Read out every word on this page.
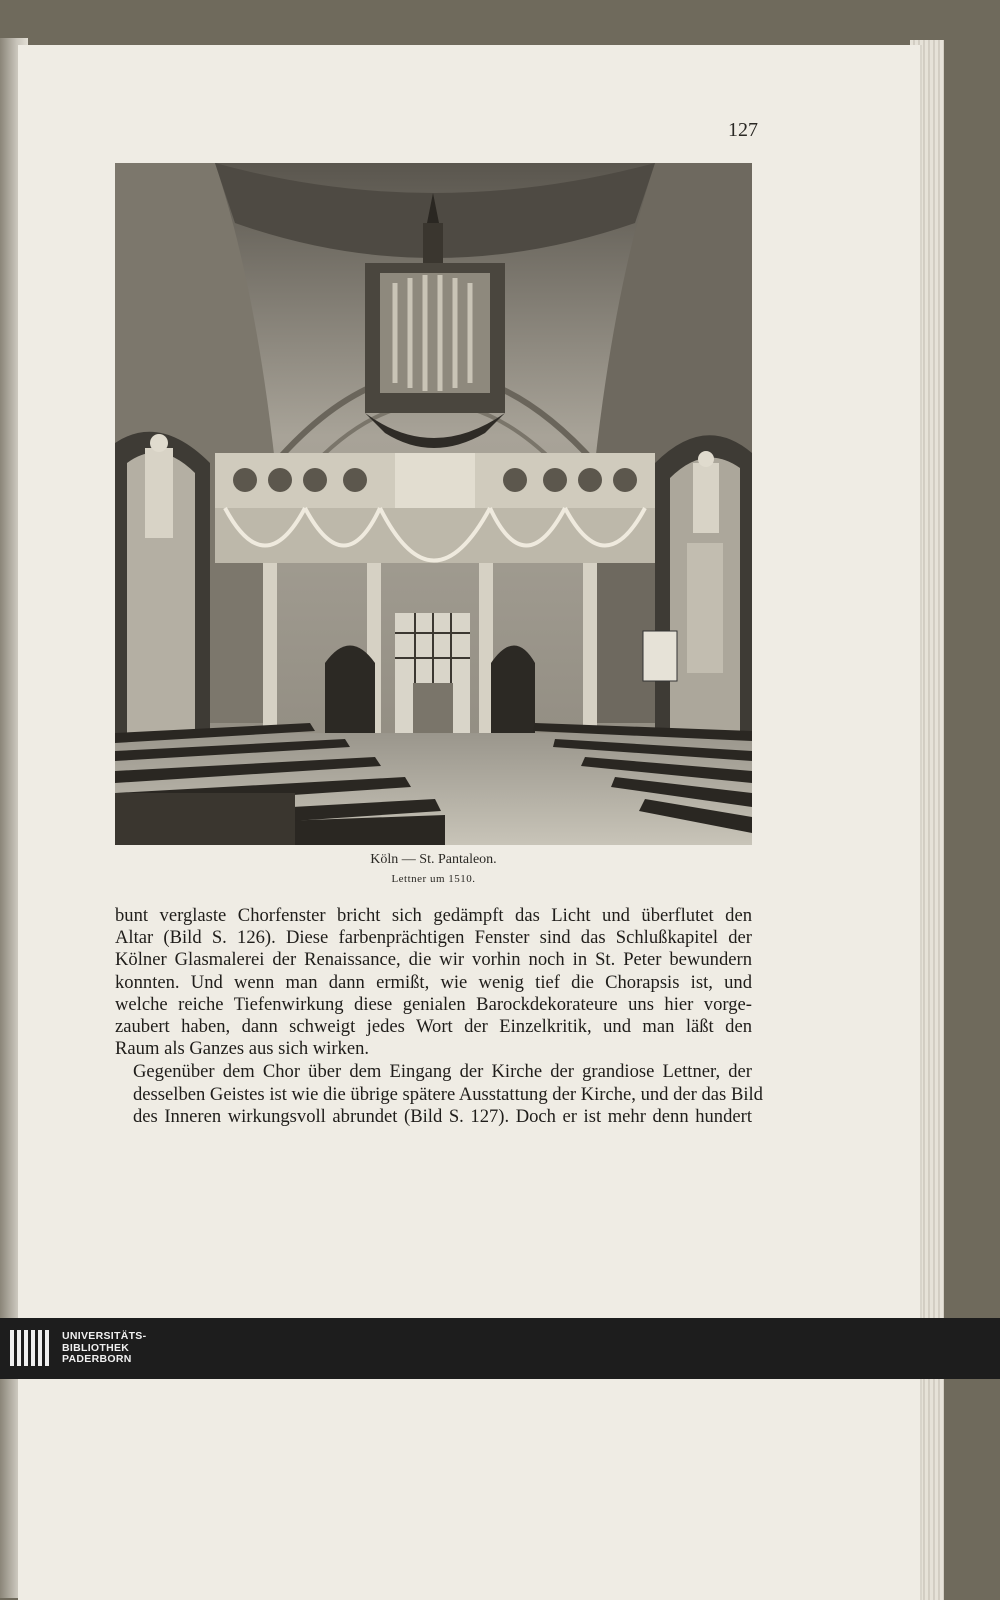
127
Köln — St. Pantaleon.
Lettner um 1510.

bunt verglaste Chorfenster bricht sich gedämpft das Licht und überflutet den
Altar (Bild S. 126). Diese farbenprächtigen Fenster sind das Schlußkapitel der
Kölner Glasmalerei der Renaissance, die wir vorhin noch in St. Peter bewundern
konnten. Und wenn man dann ermißt, wie wenig tief die Chorapsis ist, und
welche reiche Tiefenwirkung diese genialen Barockdekorateure uns hier vorge-
zaubert haben, dann schweigt jedes Wort der Einzelkritik, und man läßt den
Raum als Ganzes aus sich wirken.

Gegenüber dem Chor über dem Eingang der Kirche der grandiose Lettner, der
desselben Geistes ist wie die übrige spätere Ausstattung der Kirche, und der das Bild
des Inneren wirkungsvoll abrundet (Bild S. 127). Doch er ist mehr denn hundert

UNIVERSITÄTS-
BIBLIOTHEK
PADERBORN
